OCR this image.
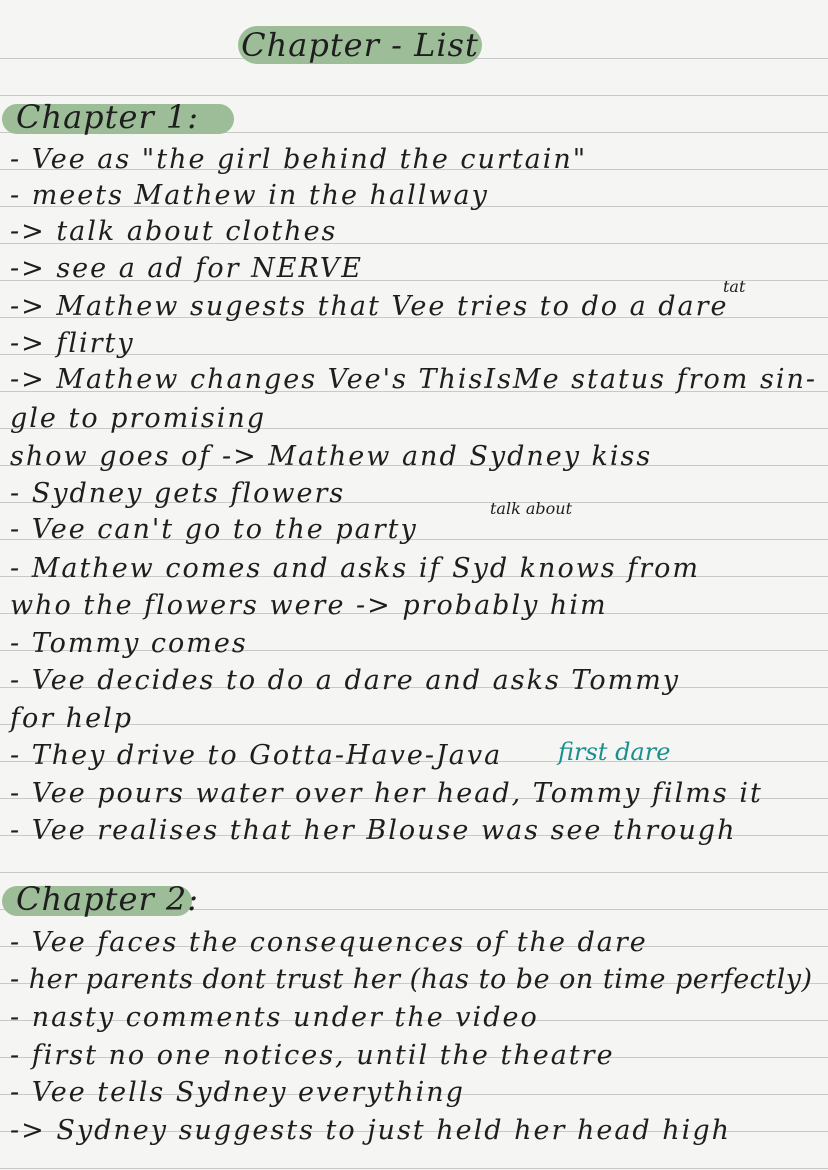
Chapter - List
Chapter 1:
- Vee as "the girl behind the curtain"
- meets Mathew in the hallway
-> talk about clothes
-> see a ad for NERVE
-> Mathew sugests that Vee tries to do a dare
-> flirty
-> Mathew changes Vee's ThisIsMe status from sin-
gle to promising
show goes of -> Mathew and Sydney kiss
- Sydney gets flowers
- Vee can't go to the party
- Mathew comes and asks if Syd knows from
who the flowers were -> probably him
- Tommy comes
- Vee decides to do a dare and asks Tommy
for help
- They drive to Gotta-Have-Java
- Vee pours water over her head, Tommy films it
- Vee realises that her Blouse was see through
tat
talk about
first dare
Chapter 2:
- Vee faces the consequences of the dare
- her parents dont trust her (has to be on time perfectly)
- nasty comments under the video
- first no one notices, until the theatre
- Vee tells Sydney everything
-> Sydney suggests to just held her head high
